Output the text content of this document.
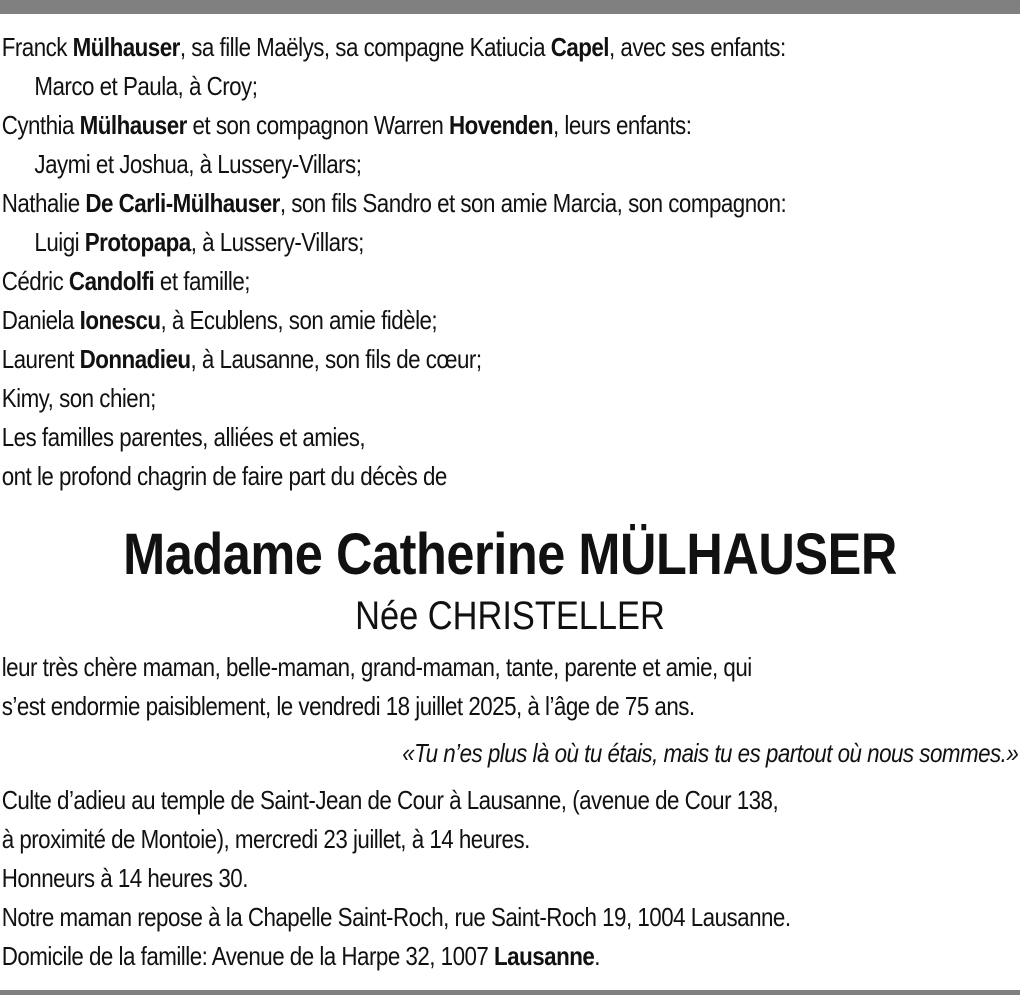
Franck Mülhauser, sa fille Maëlys, sa compagne Katiucia Capel, avec ses enfants:
Marco et Paula, à Croy;
Cynthia Mülhauser et son compagnon Warren Hovenden, leurs enfants:
Jaymi et Joshua, à Lussery-Villars;
Nathalie De Carli-Mülhauser, son fils Sandro et son amie Marcia, son compagnon:
Luigi Protopapa, à Lussery-Villars;
Cédric Candolfi et famille;
Daniela Ionescu, à Ecublens, son amie fidèle;
Laurent Donnadieu, à Lausanne, son fils de cœur;
Kimy, son chien;
Les familles parentes, alliées et amies,
ont le profond chagrin de faire part du décès de
Madame Catherine MÜLHAUSER
Née CHRISTELLER
leur très chère maman, belle-maman, grand-maman, tante, parente et amie, qui
s’est endormie paisiblement, le vendredi 18 juillet 2025, à l’âge de 75 ans.
«Tu n’es plus là où tu étais, mais tu es partout où nous sommes.»
Culte d’adieu au temple de Saint-Jean de Cour à Lausanne, (avenue de Cour 138,
à proximité de Montoie), mercredi 23 juillet, à 14 heures.
Honneurs à 14 heures 30.
Notre maman repose à la Chapelle Saint-Roch, rue Saint-Roch 19, 1004 Lausanne.
Domicile de la famille: Avenue de la Harpe 32, 1007 Lausanne.
